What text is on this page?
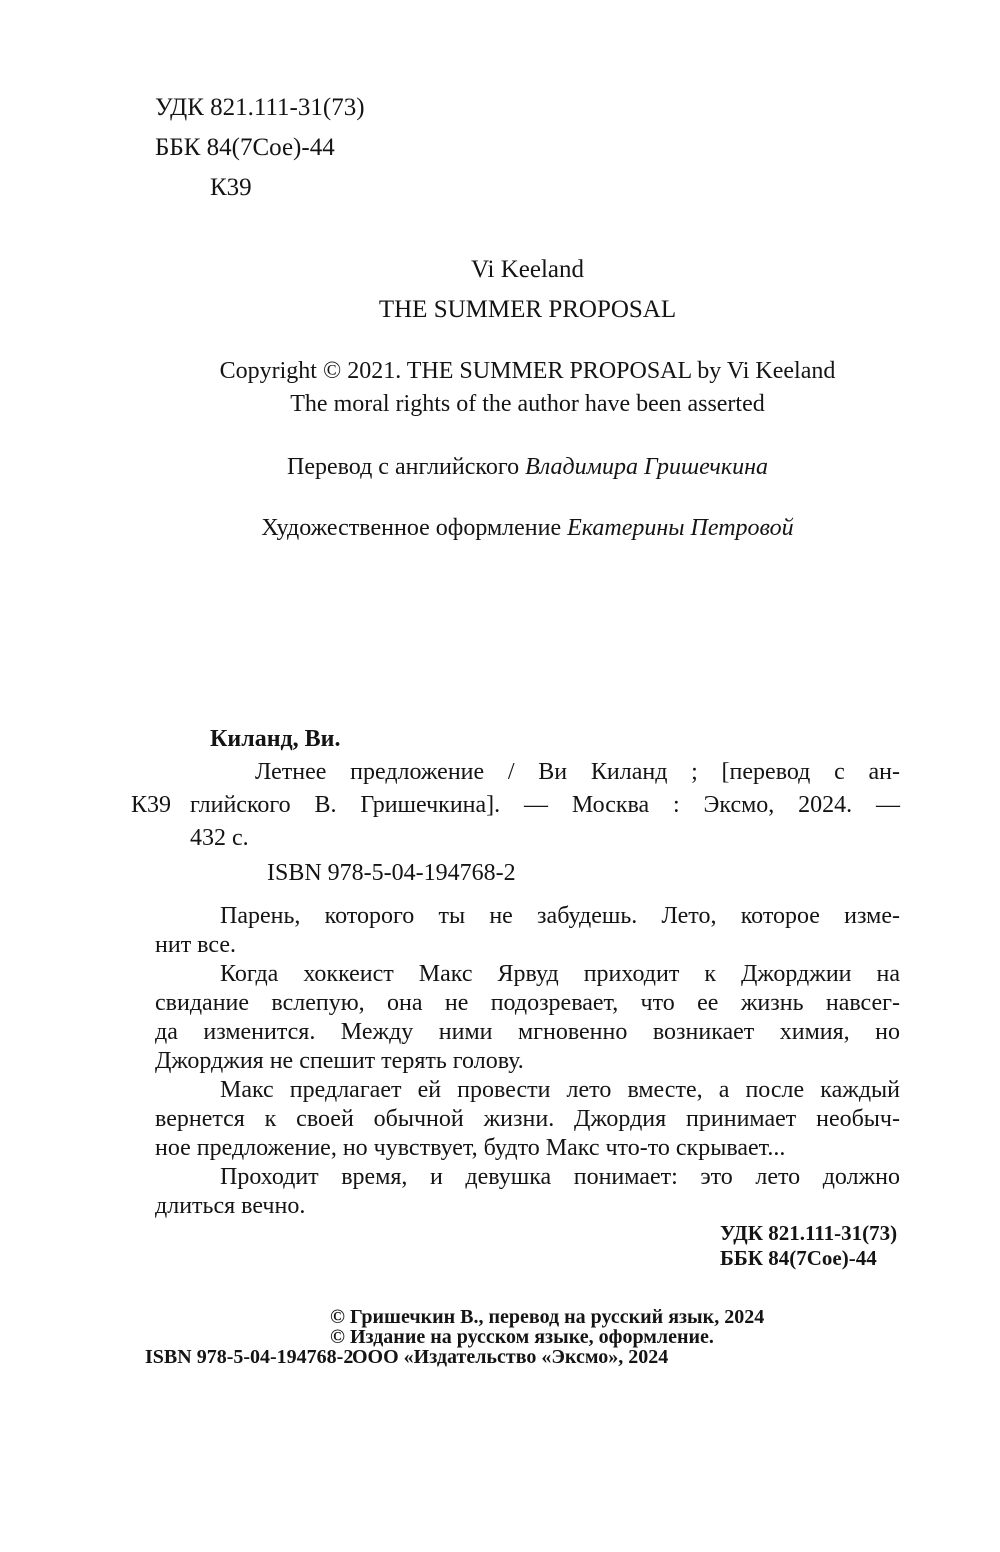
УДК 821.111-31(73)
ББК 84(7Сое)-44
К39
Vi Keeland
THE SUMMER PROPOSAL
Copyright © 2021. THE SUMMER PROPOSAL by Vi Keeland
The moral rights of the author have been asserted
Перевод с английского Владимира Гришечкина
Художественное оформление Екатерины Петровой
К39
Киланд, Ви.
Летнее предложение / Ви Киланд ; [перевод с ан-
глийского В. Гришечкина]. — Москва : Эксмо, 2024. —
432 с.
ISBN 978-5-04-194768-2
Парень, которого ты не забудешь. Лето, которое изме-
нит все.
Когда хоккеист Макс Ярвуд приходит к Джорджии на
свидание вслепую, она не подозревает, что ее жизнь навсег-
да изменится. Между ними мгновенно возникает химия, но
Джорджия не спешит терять голову.
Макс предлагает ей провести лето вместе, а после каждый
вернется к своей обычной жизни. Джордия принимает необыч-
ное предложение, но чувствует, будто Макс что-то скрывает...
Проходит время, и девушка понимает: это лето должно
длиться вечно.
УДК 821.111-31(73)
ББК 84(7Сое)-44
ISBN 978-5-04-194768-2
© Гришечкин В., перевод на русский язык, 2024
© Издание на русском языке, оформление.
ООО «Издательство «Эксмо», 2024
